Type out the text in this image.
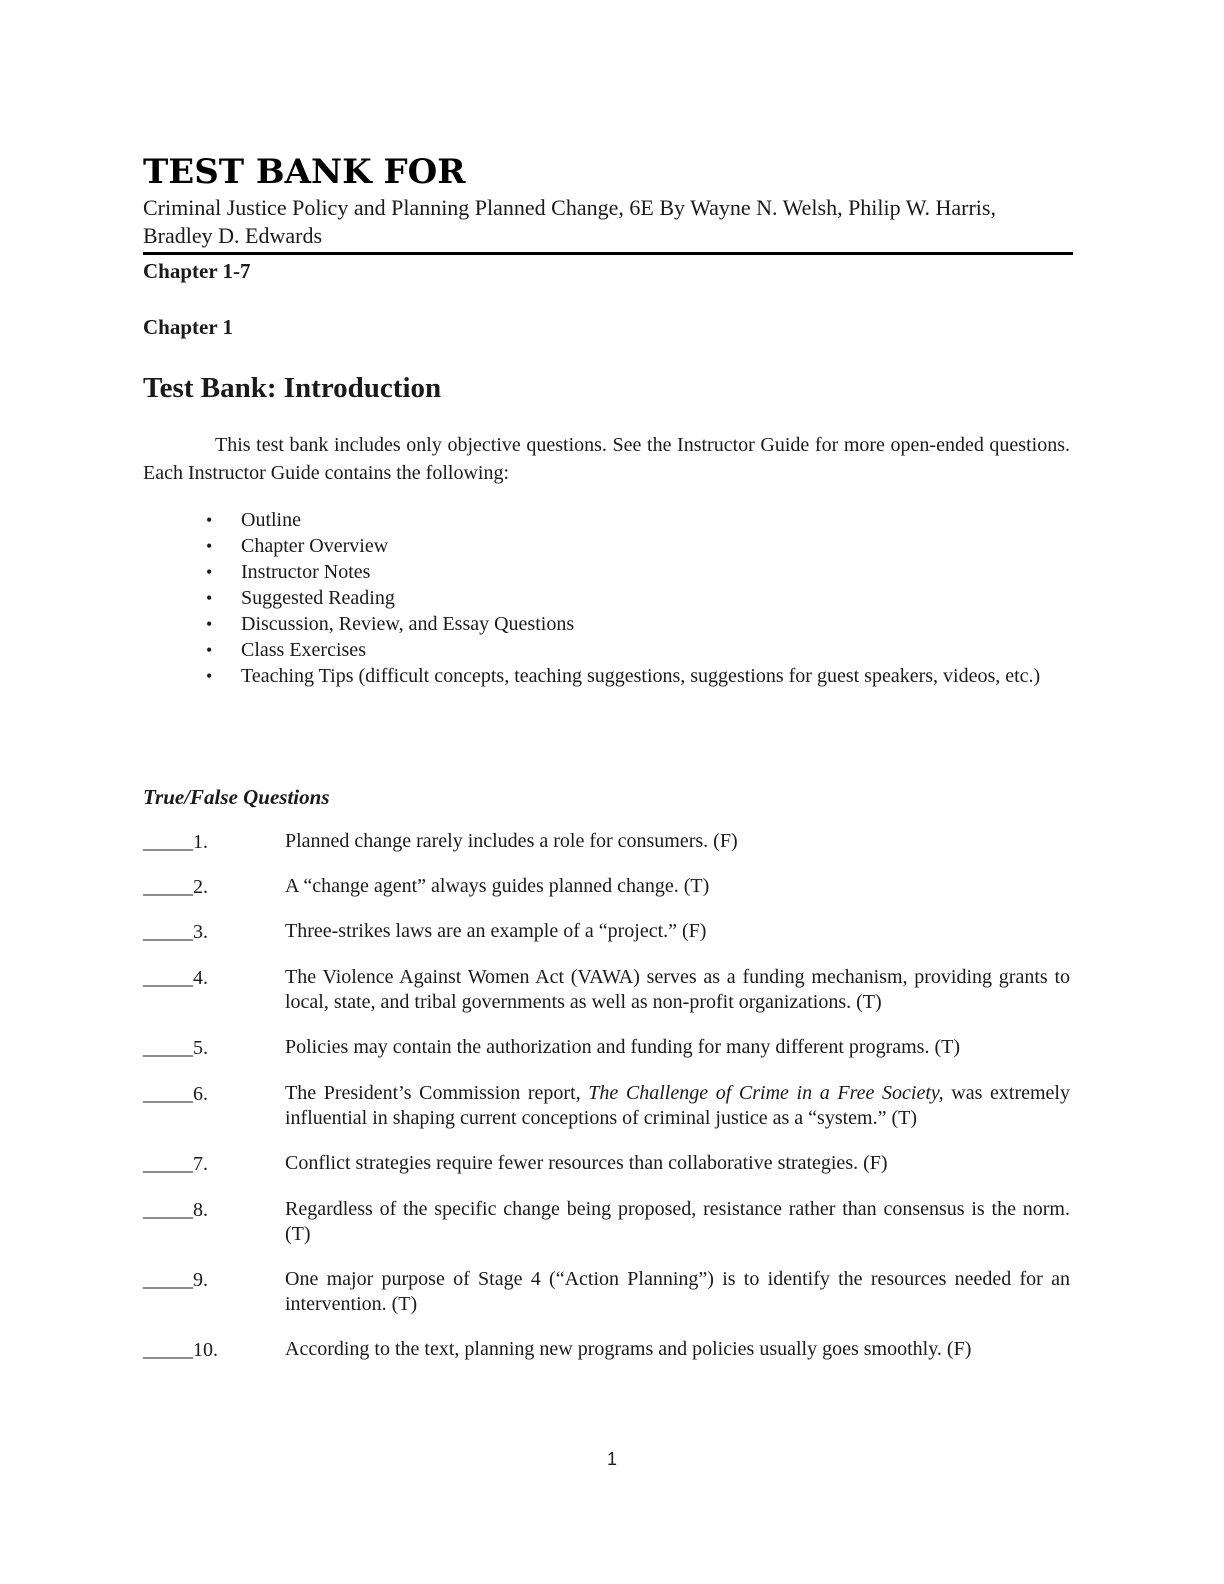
TEST BANK FOR

Criminal Justice Policy and Planning Planned Change, 6E By Wayne N. Welsh, Philip W. Harris, Bradley D. Edwards

Chapter 1-7

Chapter 1

Test Bank: Introduction

This test bank includes only objective questions. See the Instructor Guide for more open-ended questions. Each Instructor Guide contains the following:

• Outline
• Chapter Overview
• Instructor Notes
• Suggested Reading
• Discussion, Review, and Essay Questions
• Class Exercises
• Teaching Tips (difficult concepts, teaching suggestions, suggestions for guest speakers, videos, etc.)

True/False Questions

_____1.	Planned change rarely includes a role for consumers. (F)
_____2.	A “change agent” always guides planned change. (T)
_____3.	Three-strikes laws are an example of a “project.” (F)
_____4.	The Violence Against Women Act (VAWA) serves as a funding mechanism, providing grants to local, state, and tribal governments as well as non-profit organizations. (T)
_____5.	Policies may contain the authorization and funding for many different programs. (T)
_____6.	The President’s Commission report, The Challenge of Crime in a Free Society, was extremely influential in shaping current conceptions of criminal justice as a “system.” (T)
_____7.	Conflict strategies require fewer resources than collaborative strategies. (F)
_____8.	Regardless of the specific change being proposed, resistance rather than consensus is the norm. (T)
_____9.	One major purpose of Stage 4 (“Action Planning”) is to identify the resources needed for an intervention. (T)
_____10.	According to the text, planning new programs and policies usually goes smoothly. (F)
1
